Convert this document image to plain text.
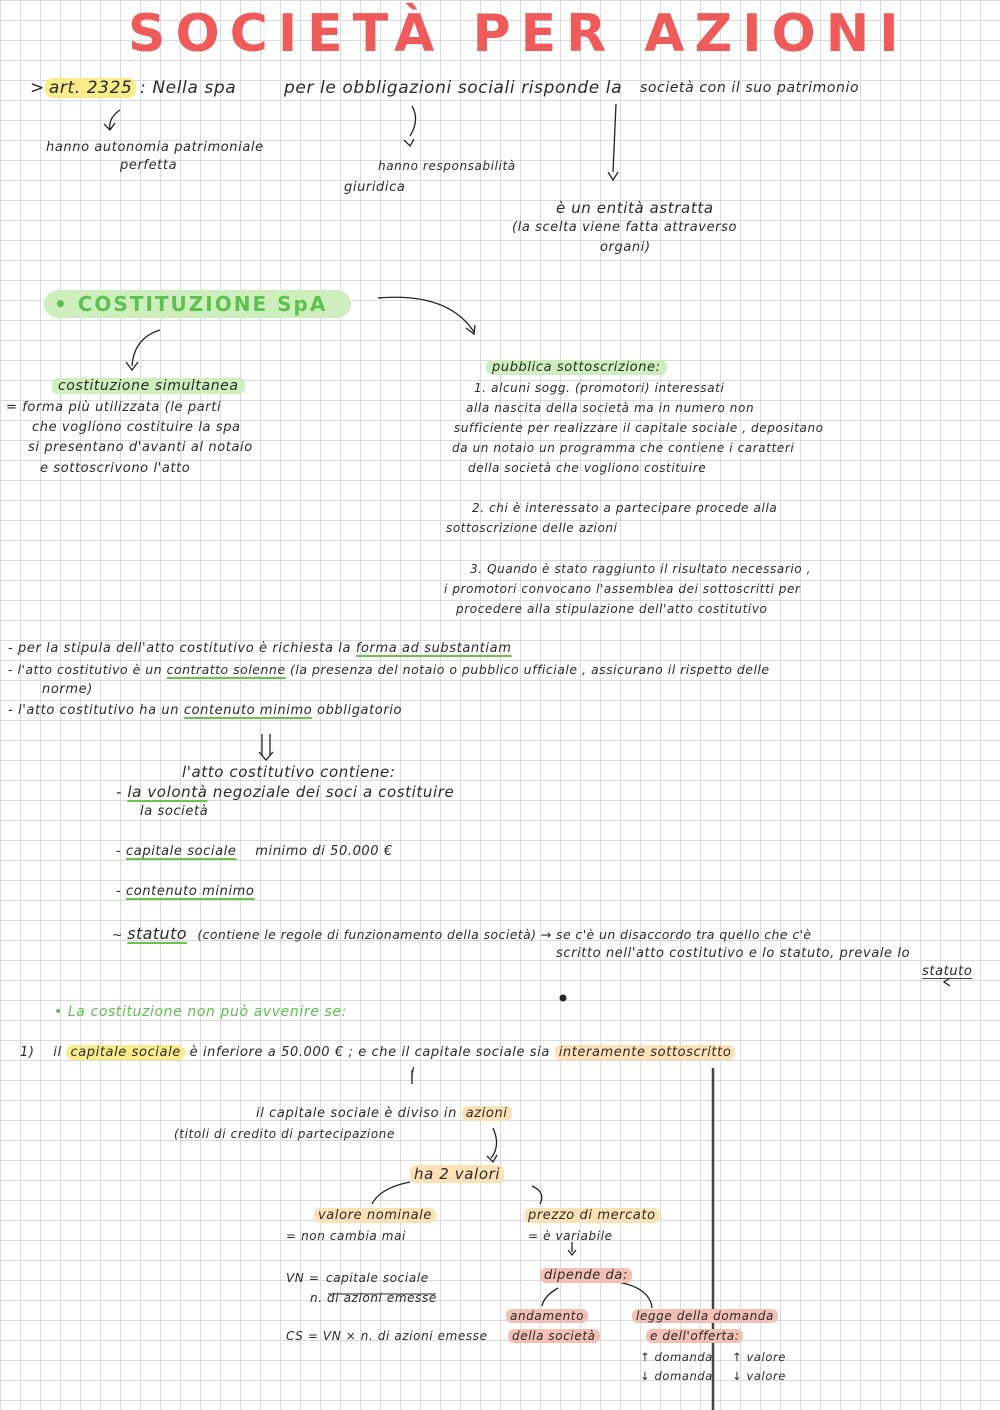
SOCIETÀ PER AZIONI
> art. 2325 : Nella spa	per le obbligazioni sociali risponde la società con il suo patrimonio
hanno autonomia patrimoniale
perfetta	hanno responsabilità
giuridica
è un entità astratta
(la scelta viene fatta attraverso
organi)
• COSTITUZIONE SpA
costituzione simultanea
= forma più utilizzata (le parti
che vogliono costituire la spa
si presentano d'avanti al notaio
e sottoscrivono l'atto
pubblica sottoscrizione:
1. alcuni sogg. (promotori) interessati
alla nascita della società ma in numero non
sufficiente per realizzare il capitale sociale , depositano
da un notaio un programma che contiene i caratteri
della società che vogliono costituire
2. chi è interessato a partecipare procede alla
sottoscrizione delle azioni
3. Quando è stato raggiunto il risultato necessario ,
i promotori convocano l'assemblea dei sottoscritti per
procedere alla stipulazione dell'atto costitutivo
- per la stipula dell'atto costitutivo è richiesta la forma ad substantiam
- l'atto costitutivo è un contratto solenne (la presenza del notaio o pubblico ufficiale , assicurano il rispetto delle
norme)
- l'atto costitutivo ha un contenuto minimo obbligatorio
l'atto costitutivo contiene:
- la volontà negoziale dei soci a costituire
la società
- capitale sociale minimo di 50.000 €
- contenuto minimo
~ statuto (contiene le regole di funzionamento della società) → se c'è un disaccordo tra quello che c'è
scritto nell'atto costitutivo e lo statuto, prevale lo
statuto
• La costituzione non può avvenire se:
1) il capitale sociale è inferiore a 50.000 € ; e che il capitale sociale sia interamente sottoscritto
!
il capitale sociale è diviso in azioni
(titoli di credito di partecipazione
ha 2 valori
valore nominale
= non cambia mai
prezzo di mercato
= è variabile
VN = capitale sociale
n. di azioni emesse
CS = VN × n. di azioni emesse
dipende da:
andamento
della società
legge della domanda
e dell'offerta:
↑ domanda
↓ domanda
↑ valore
↓ valore
